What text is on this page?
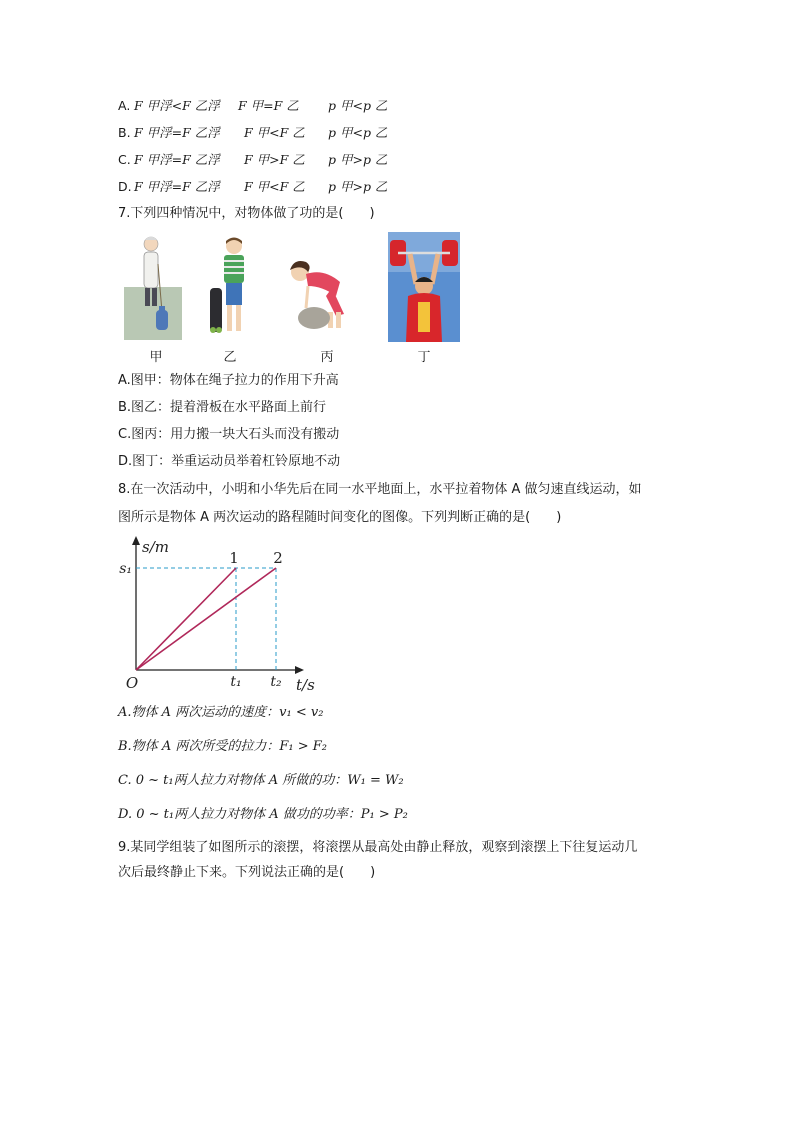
A. F 甲浮<F 乙浮 F 甲=F 乙 p 甲<p 乙
B. F 甲浮=F 乙浮 F 甲<F 乙 p 甲<p 乙
C. F 甲浮=F 乙浮 F 甲>F 乙 p 甲>p 乙
D. F 甲浮=F 乙浮 F 甲<F 乙 p 甲>p 乙
7.下列四种情况中，对物体做了功的是(　　)
甲	乙	丙	丁
A.图甲：物体在绳子拉力的作用下升高
B.图乙：提着滑板在水平路面上前行
C.图丙：用力搬一块大石头而没有搬动
D.图丁：举重运动员举着杠铃原地不动
8.在一次活动中，小明和小华先后在同一水平地面上，水平拉着物体 A 做匀速直线运动，如
图所示是物体 A 两次运动的路程随时间变化的图像。下列判断正确的是(　　)
s/m
t/s
O
1 2
t₁ t₂
s₁
A.物体 A 两次运动的速度：v₁ < v₂
B.物体 A 两次所受的拉力：F₁ > F₂
C. 0 ~ t₁两人拉力对物体 A 所做的功：W₁ = W₂
D. 0 ~ t₁两人拉力对物体 A 做功的功率：P₁ > P₂
9.某同学组装了如图所示的滚摆，将滚摆从最高处由静止释放，观察到滚摆上下往复运动几
次后最终静止下来。下列说法正确的是(　　)
